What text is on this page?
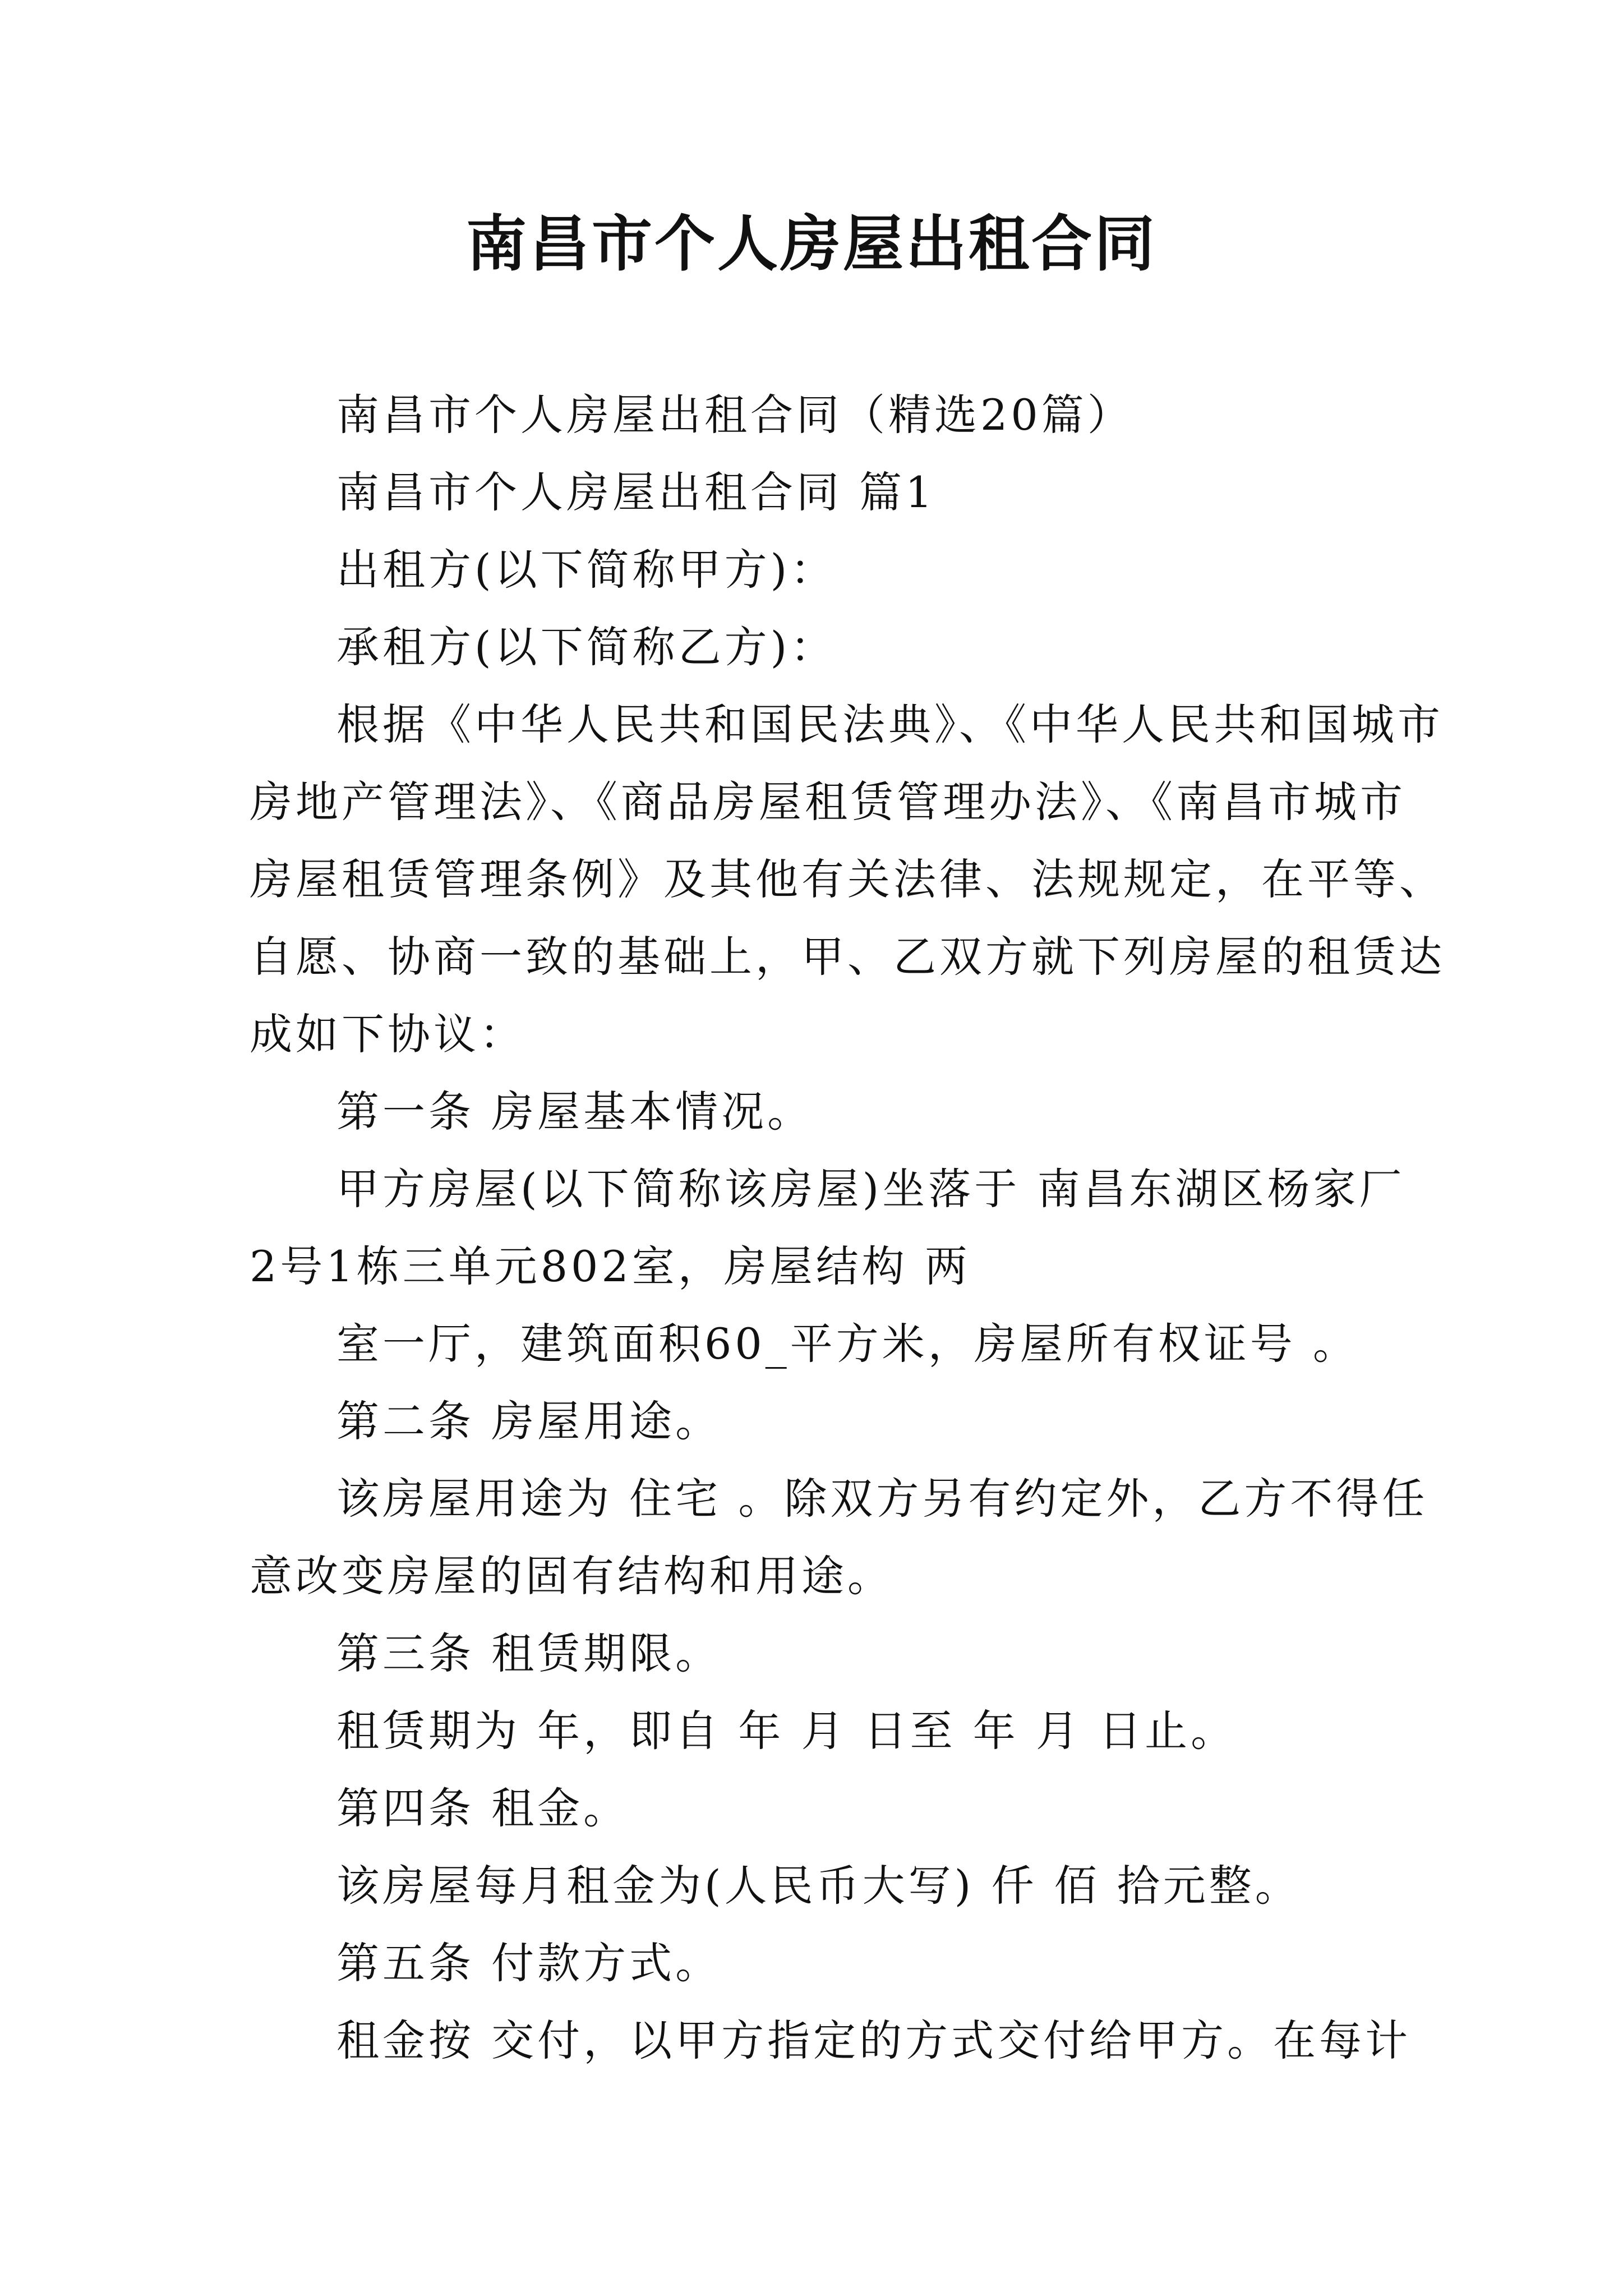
南昌市个人房屋出租合同
南昌市个人房屋出租合同（精选20篇）
南昌市个人房屋出租合同 篇1
出租方(以下简称甲方)：
承租方(以下简称乙方)：
根据《中华人民共和国民法典》、《中华人民共和国城市
房地产管理法》、《商品房屋租赁管理办法》、《南昌市城市
房屋租赁管理条例》及其他有关法律、法规规定，在平等、
自愿、协商一致的基础上，甲、乙双方就下列房屋的租赁达
成如下协议：
第一条 房屋基本情况。
甲方房屋(以下简称该房屋)坐落于 南昌东湖区杨家厂
2号1栋三单元802室，房屋结构 两
室一厅，建筑面积60_平方米，房屋所有权证号 。
第二条 房屋用途。
该房屋用途为 住宅 。除双方另有约定外，乙方不得任
意改变房屋的固有结构和用途。
第三条 租赁期限。
租赁期为 年，即自 年 月 日至 年 月 日止。
第四条 租金。
该房屋每月租金为(人民币大写) 仟 佰 拾元整。
第五条 付款方式。
租金按 交付，以甲方指定的方式交付给甲方。在每计
